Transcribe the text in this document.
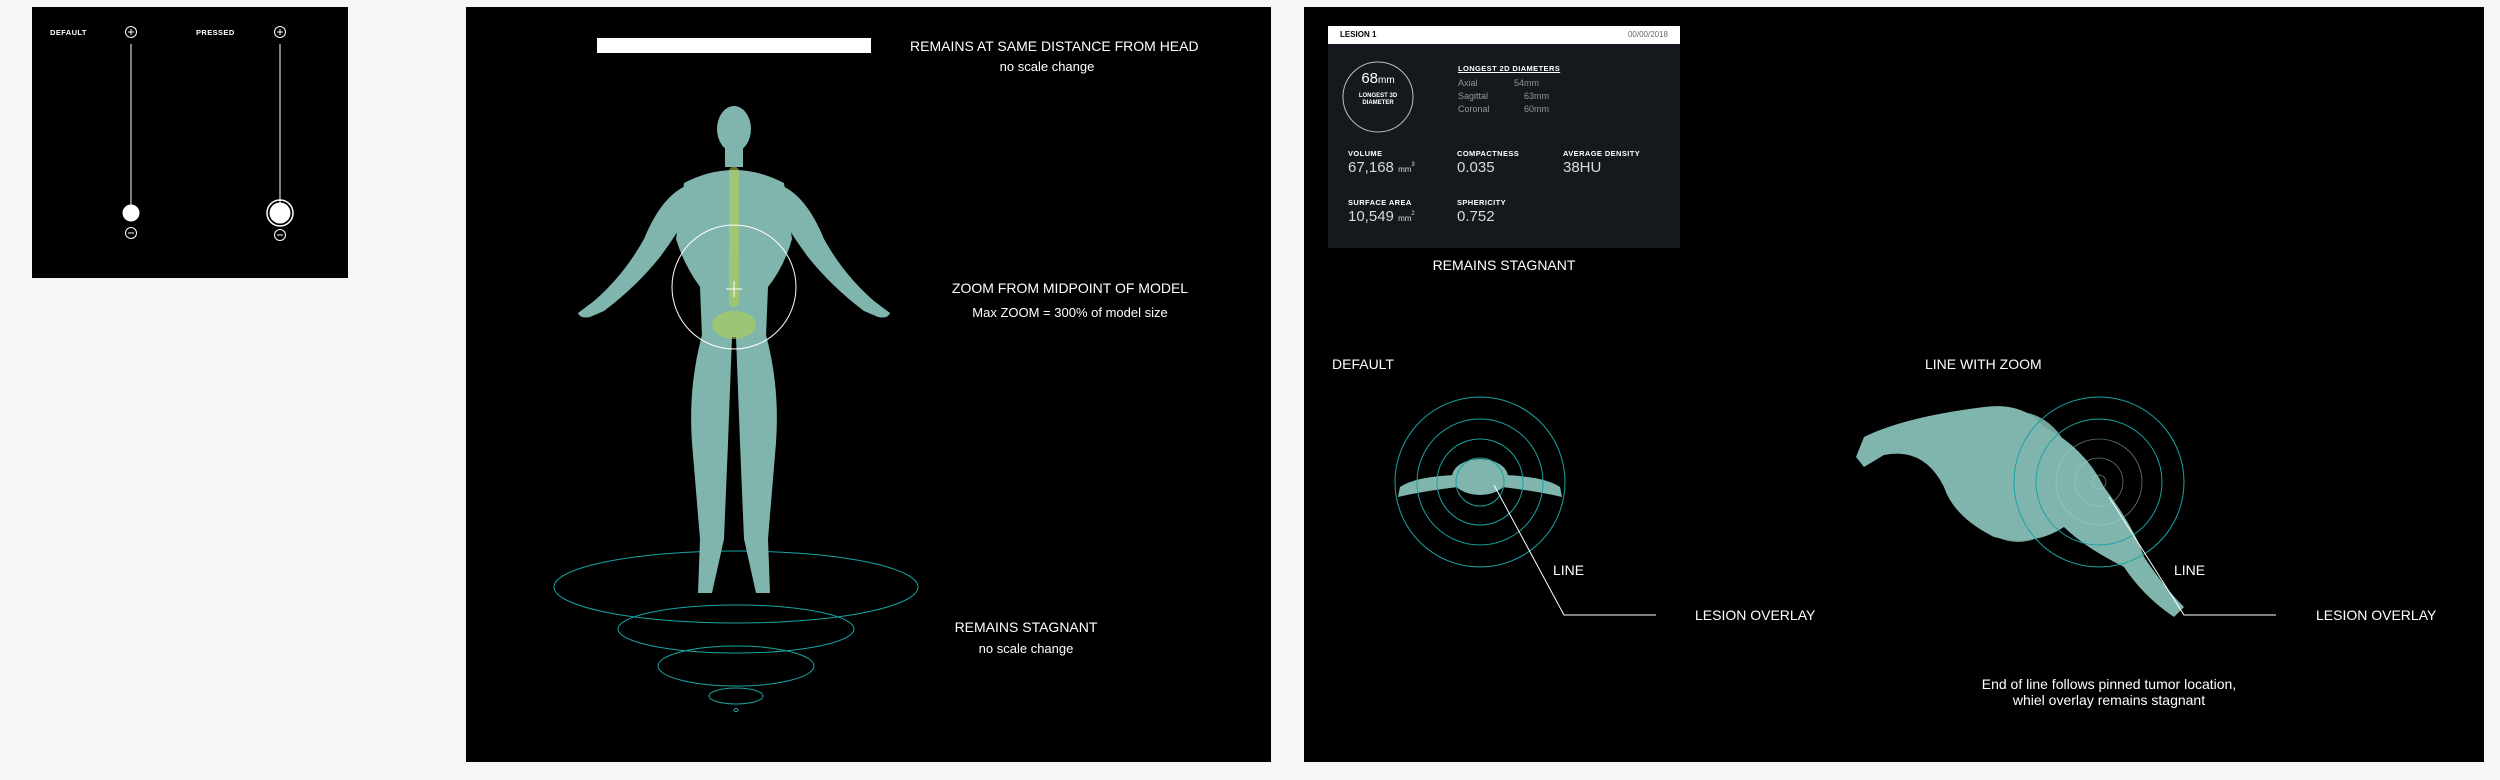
DEFAULT	PRESSED
REMAINS AT SAME DISTANCE FROM HEAD
no scale change
ZOOM FROM MIDPOINT OF MODEL
Max ZOOM = 300% of model size
REMAINS STAGNANT
no scale change
LESION 1	00/00/2018
68mm
LONGEST 3D
DIAMETER
LONGEST 2D DIAMETERS
Axial	54mm
Sagittal	63mm
Coronal	60mm
VOLUME
67,168 $mm^3$
COMPACTNESS
0.035
AVERAGE DENSITY
38HU
SURFACE AREA
10,549 $mm^2$
SPHERICITY
0.752
REMAINS STAGNANT
DEFAULT	LINE WITH ZOOM
LINE
LESION OVERLAY
LINE
LESION OVERLAY
End of line follows pinned tumor location,
whiel overlay remains stagnant
